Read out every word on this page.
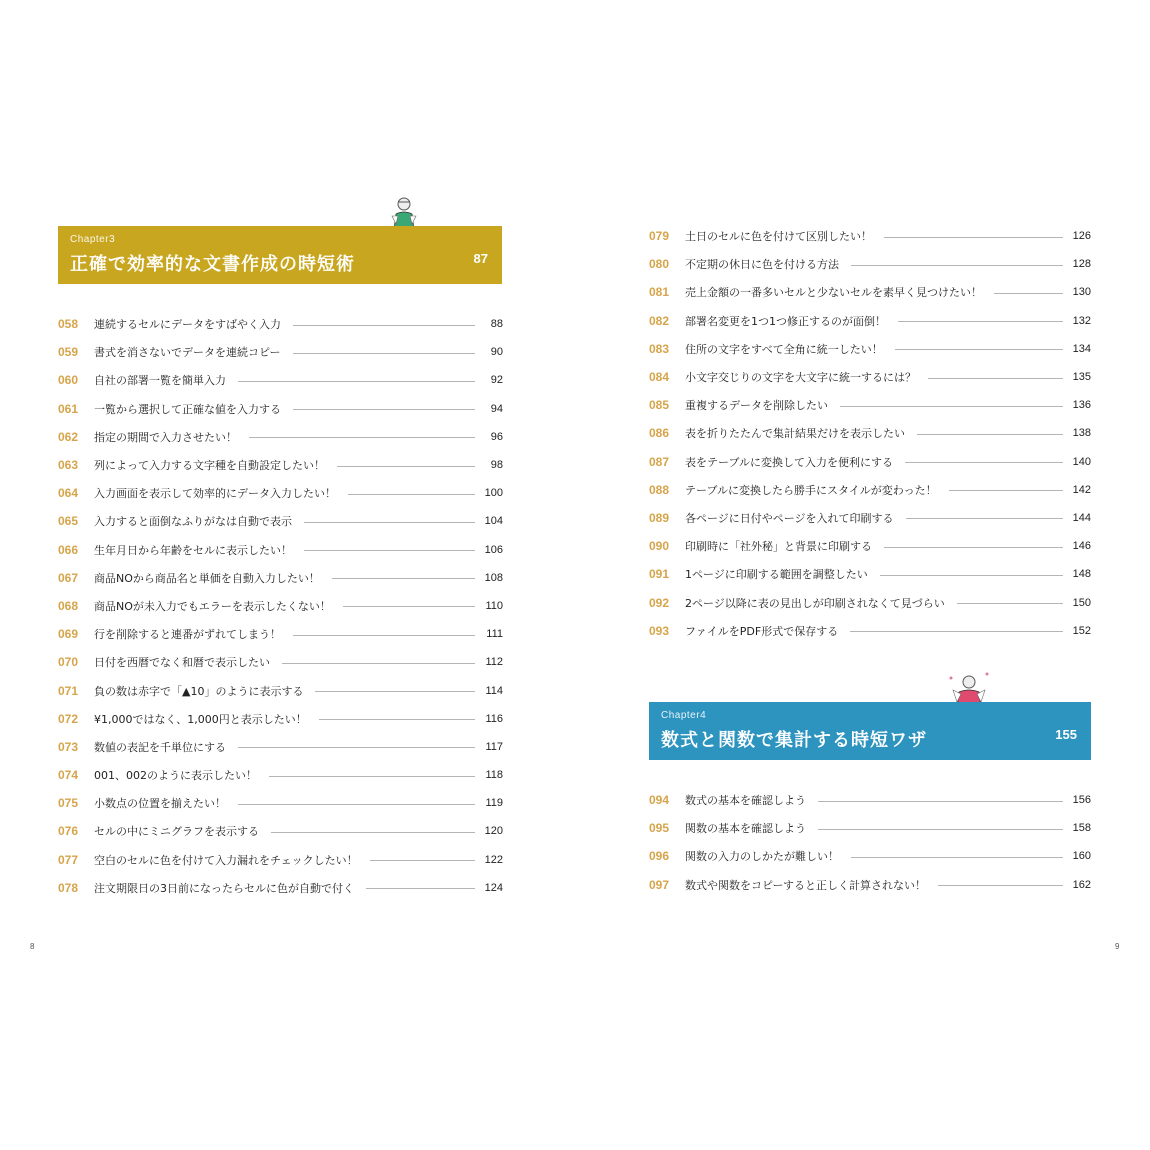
Chapter3
正確で効率的な文書作成の時短術	87
058	連続するセルにデータをすばやく入力	88
059	書式を消さないでデータを連続コピー	90
060	自社の部署一覧を簡単入力	92
061	一覧から選択して正確な値を入力する	94
062	指定の期間で入力させたい！	96
063	列によって入力する文字種を自動設定したい！	98
064	入力画面を表示して効率的にデータ入力したい！	100
065	入力すると面倒なふりがなは自動で表示	104
066	生年月日から年齢をセルに表示したい！	106
067	商品NOから商品名と単価を自動入力したい！	108
068	商品NOが未入力でもエラーを表示したくない！	110
069	行を削除すると連番がずれてしまう！	111
070	日付を西暦でなく和暦で表示したい	112
071	負の数は赤字で「▲10」のように表示する	114
072	¥1,000ではなく、1,000円と表示したい！	116
073	数値の表記を千単位にする	117
074	001、002のように表示したい！	118
075	小数点の位置を揃えたい！	119
076	セルの中にミニグラフを表示する	120
077	空白のセルに色を付けて入力漏れをチェックしたい！	122
078	注文期限日の3日前になったらセルに色が自動で付く	124
8
079	土日のセルに色を付けて区別したい！	126
080	不定期の休日に色を付ける方法	128
081	売上金額の一番多いセルと少ないセルを素早く見つけたい！	130
082	部署名変更を1つ1つ修正するのが面倒！	132
083	住所の文字をすべて全角に統一したい！	134
084	小文字交じりの文字を大文字に統一するには？	135
085	重複するデータを削除したい	136
086	表を折りたたんで集計結果だけを表示したい	138
087	表をテーブルに変換して入力を便利にする	140
088	テーブルに変換したら勝手にスタイルが変わった！	142
089	各ページに日付やページを入れて印刷する	144
090	印刷時に「社外秘」と背景に印刷する	146
091	1ページに印刷する範囲を調整したい	148
092	2ページ以降に表の見出しが印刷されなくて見づらい	150
093	ファイルをPDF形式で保存する	152
Chapter4
数式と関数で集計する時短ワザ	155
094	数式の基本を確認しよう	156
095	関数の基本を確認しよう	158
096	関数の入力のしかたが難しい！	160
097	数式や関数をコピーすると正しく計算されない！	162
9
